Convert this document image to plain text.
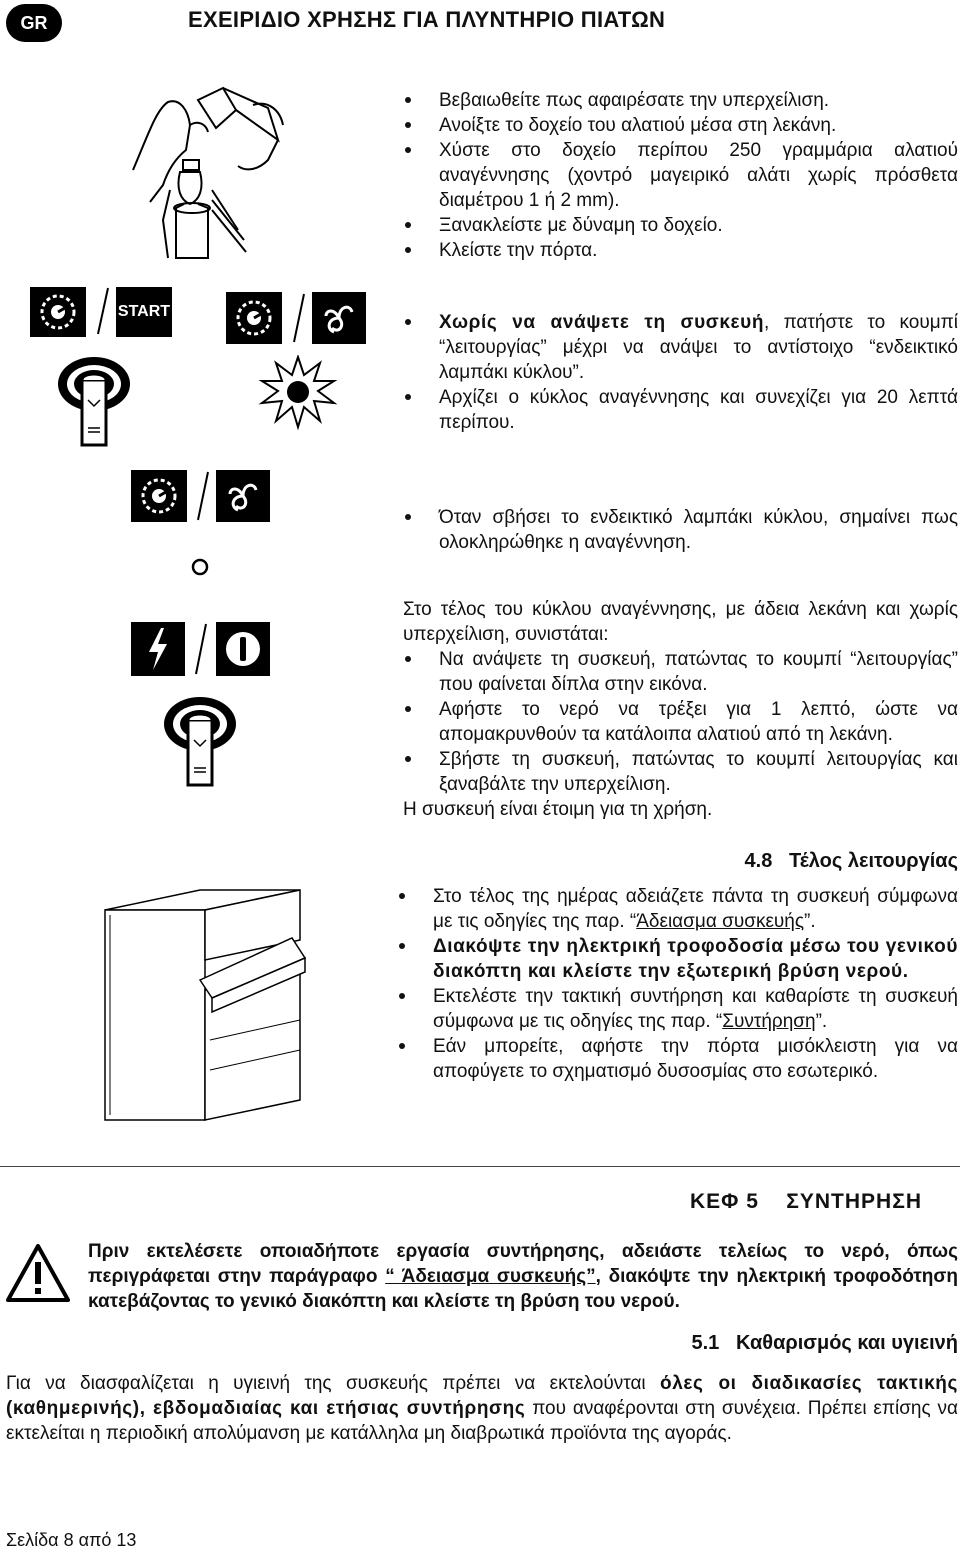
GR	ΕΧΕΙΡΙΔΙΟ ΧΡΗΣΗΣ ΓΙΑ ΠΛΥΝΤΗΡΙΟ ΠΙΑΤΩΝ
Βεβαιωθείτε πως αφαιρέσατε την υπερχείλιση.
Ανοίξτε το δοχείο του αλατιού μέσα στη λεκάνη.
Χύστε στο δοχείο περίπου 250 γραμμάρια αλατιού αναγέννησης (χοντρό μαγειρικό αλάτι χωρίς πρόσθετα διαμέτρου 1 ή 2 mm).
Ξανακλείστε με δύναμη το δοχείο.
Κλείστε την πόρτα.
START
Χωρίς να ανάψετε τη συσκευή, πατήστε το κουμπί “λειτουργίας” μέχρι να ανάψει το αντίστοιχο “ενδεικτικό λαμπάκι κύκλου”.
Αρχίζει ο κύκλος αναγέννησης και συνεχίζει για 20 λεπτά περίπου.
Όταν σβήσει το ενδεικτικό λαμπάκι κύκλου, σημαίνει πως ολοκληρώθηκε η αναγέννηση.
Στο τέλος του κύκλου αναγέννησης, με άδεια λεκάνη και χωρίς υπερχείλιση, συνιστάται:
Να ανάψετε τη συσκευή, πατώντας το κουμπί “λειτουργίας” που φαίνεται δίπλα στην εικόνα.
Αφήστε το νερό να τρέξει για 1 λεπτό, ώστε να απομακρυνθούν τα κατάλοιπα αλατιού από τη λεκάνη.
Σβήστε τη συσκευή, πατώντας το κουμπί λειτουργίας και ξαναβάλτε την υπερχείλιση.
Η συσκευή είναι έτοιμη για τη χρήση.
4.8 Τέλος λειτουργίας
Στο τέλος της ημέρας αδειάζετε πάντα τη συσκευή σύμφωνα με τις οδηγίες της παρ. “Άδειασμα συσκευής”.
Διακόψτε την ηλεκτρική τροφοδοσία μέσω του γενικού διακόπτη και κλείστε την εξωτερική βρύση νερού.
Εκτελέστε την τακτική συντήρηση και καθαρίστε τη συσκευή σύμφωνα με τις οδηγίες της παρ. “Συντήρηση”.
Εάν μπορείτε, αφήστε την πόρτα μισόκλειστη για να αποφύγετε το σχηματισμό δυσοσμίας στο εσωτερικό.
ΚΕΦ 5 ΣΥΝΤΗΡΗΣΗ
Πριν εκτελέσετε οποιαδήποτε εργασία συντήρησης, αδειάστε τελείως το νερό, όπως περιγράφεται στην παράγραφο “ Άδειασμα συσκευής”, διακόψτε την ηλεκτρική τροφοδότηση κατεβάζοντας το γενικό διακόπτη και κλείστε τη βρύση του νερού.
5.1 Καθαρισμός και υγιεινή
Για να διασφαλίζεται η υγιεινή της συσκευής πρέπει να εκτελούνται όλες οι διαδικασίες τακτικής (καθημερινής), εβδομαδιαίας και ετήσιας συντήρησης που αναφέρονται στη συνέχεια. Πρέπει επίσης να εκτελείται η περιοδική απολύμανση με κατάλληλα μη διαβρωτικά προϊόντα της αγοράς.
Σελίδα 8 από 13
